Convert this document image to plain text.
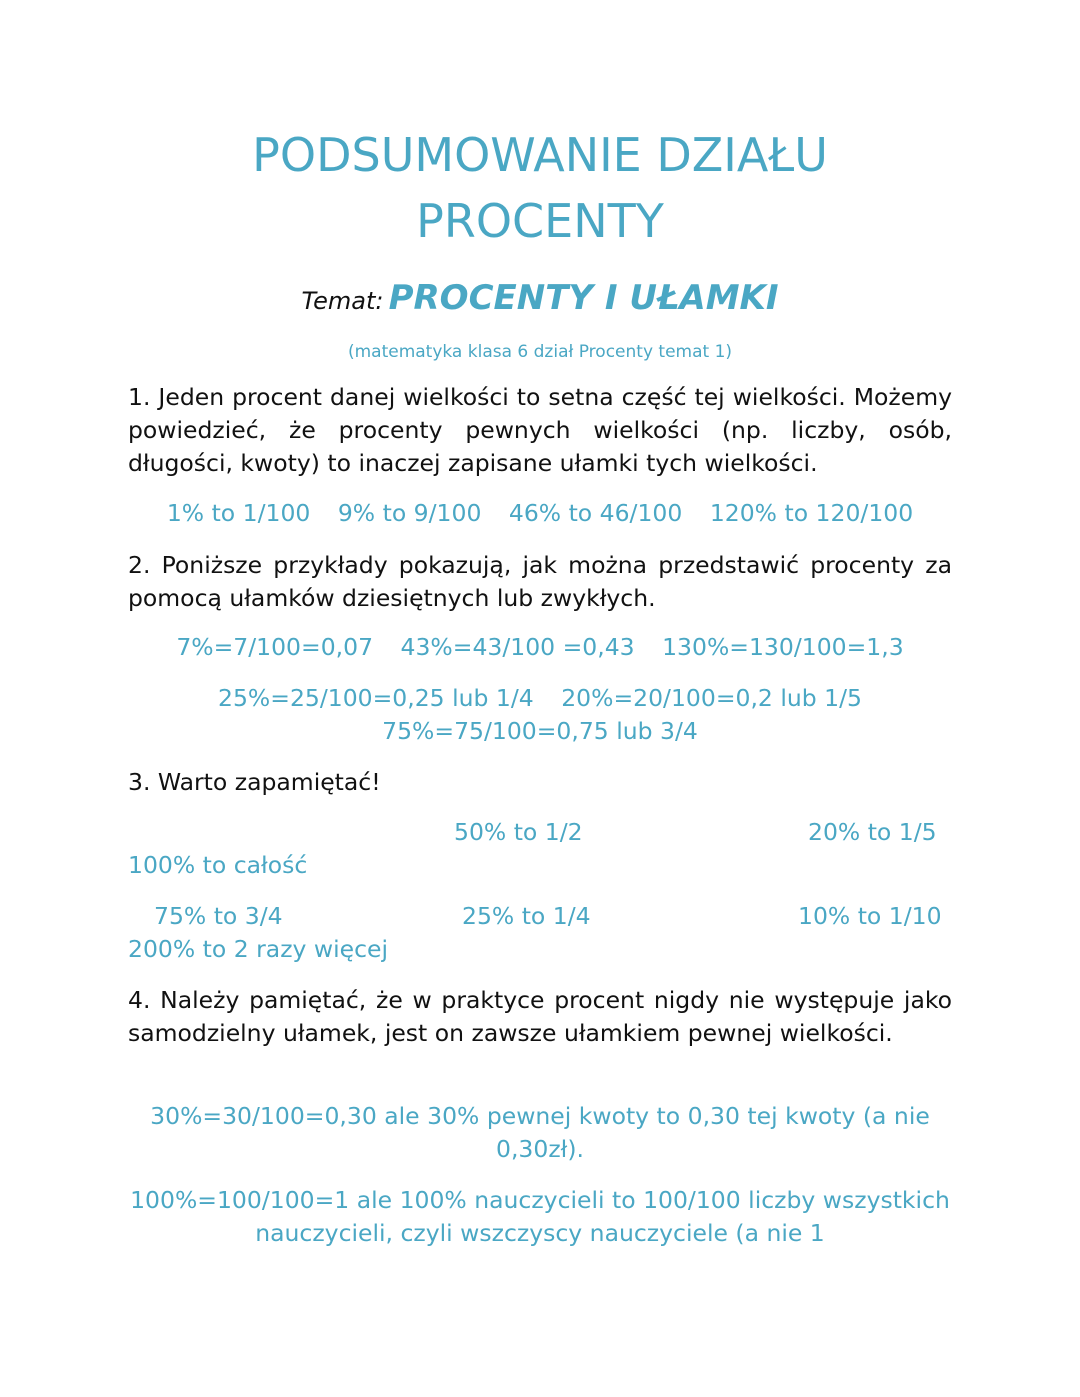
PODSUMOWANIE DZIAŁU
PROCENTY
Temat: PROCENTY I UŁAMKI
(matematyka klasa 6 dział Procenty temat 1)
1. Jeden procent danej wielkości to setna część tej wielkości. Możemy powiedzieć, że procenty pewnych wielkości (np. liczby, osób, długości, kwoty) to inaczej zapisane ułamki tych wielkości.
1% to 1/100 9% to 9/100 46% to 46/100 120% to 120/100
2. Poniższe przykłady pokazują, jak można przedstawić procenty za pomocą ułamków dziesiętnych lub zwykłych.
7%=7/100=0,07 43%=43/100 =0,43 130%=130/100=1,3
25%=25/100=0,25 lub 1/4 20%=20/100=0,2 lub 1/5
75%=75/100=0,75 lub 3/4
3. Warto zapamiętać!
50% to 1/2	20% to 1/5
100% to całość
75% to 3/4	25% to 1/4	10% to 1/10
200% to 2 razy więcej
4. Należy pamiętać, że w praktyce procent nigdy nie występuje jako samodzielny ułamek, jest on zawsze ułamkiem pewnej wielkości.
30%=30/100=0,30 ale 30% pewnej kwoty to 0,30 tej kwoty (a nie 0,30zł).
100%=100/100=1 ale 100% nauczycieli to 100/100 liczby wszystkich nauczycieli, czyli wszczyscy nauczyciele (a nie 1
